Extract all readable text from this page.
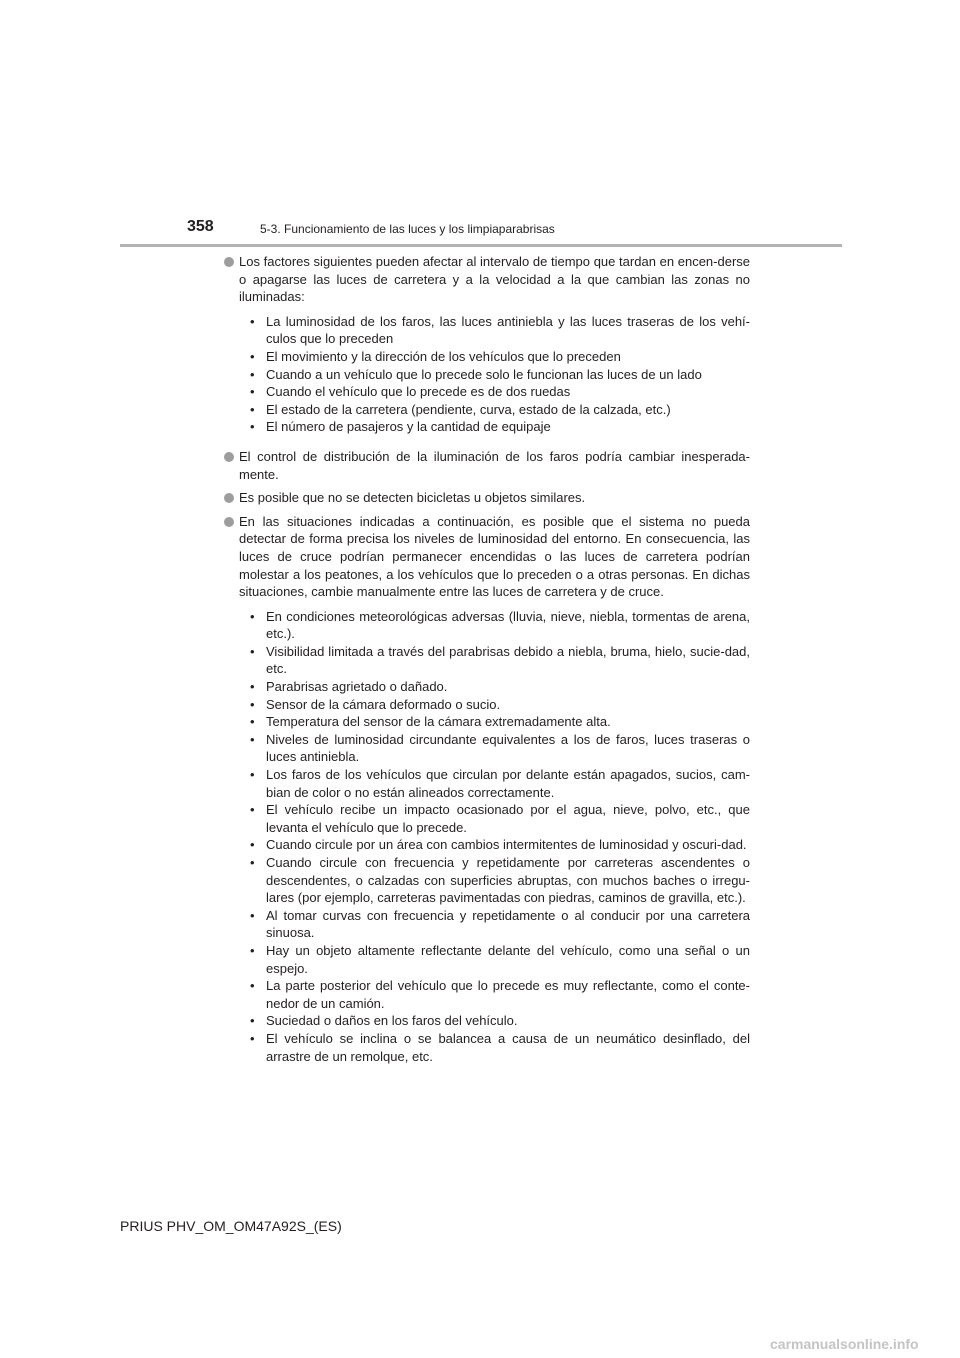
358	5-3. Funcionamiento de las luces y los limpiaparabrisas
Los factores siguientes pueden afectar al intervalo de tiempo que tardan en encen-derse o apagarse las luces de carretera y a la velocidad a la que cambian las zonas no iluminadas:
• La luminosidad de los faros, las luces antiniebla y las luces traseras de los vehí-culos que lo preceden
• El movimiento y la dirección de los vehículos que lo preceden
• Cuando a un vehículo que lo precede solo le funcionan las luces de un lado
• Cuando el vehículo que lo precede es de dos ruedas
• El estado de la carretera (pendiente, curva, estado de la calzada, etc.)
• El número de pasajeros y la cantidad de equipaje
El control de distribución de la iluminación de los faros podría cambiar inesperada-mente.
Es posible que no se detecten bicicletas u objetos similares.
En las situaciones indicadas a continuación, es posible que el sistema no pueda detectar de forma precisa los niveles de luminosidad del entorno. En consecuencia, las luces de cruce podrían permanecer encendidas o las luces de carretera podrían molestar a los peatones, a los vehículos que lo preceden o a otras personas. En dichas situaciones, cambie manualmente entre las luces de carretera y de cruce.
• En condiciones meteorológicas adversas (lluvia, nieve, niebla, tormentas de arena, etc.).
• Visibilidad limitada a través del parabrisas debido a niebla, bruma, hielo, sucie-dad, etc.
• Parabrisas agrietado o dañado.
• Sensor de la cámara deformado o sucio.
• Temperatura del sensor de la cámara extremadamente alta.
• Niveles de luminosidad circundante equivalentes a los de faros, luces traseras o luces antiniebla.
• Los faros de los vehículos que circulan por delante están apagados, sucios, cam-bian de color o no están alineados correctamente.
• El vehículo recibe un impacto ocasionado por el agua, nieve, polvo, etc., que levanta el vehículo que lo precede.
• Cuando circule por un área con cambios intermitentes de luminosidad y oscuri-dad.
• Cuando circule con frecuencia y repetidamente por carreteras ascendentes o descendentes, o calzadas con superficies abruptas, con muchos baches o irregu-lares (por ejemplo, carreteras pavimentadas con piedras, caminos de gravilla, etc.).
• Al tomar curvas con frecuencia y repetidamente o al conducir por una carretera sinuosa.
• Hay un objeto altamente reflectante delante del vehículo, como una señal o un espejo.
• La parte posterior del vehículo que lo precede es muy reflectante, como el conte-nedor de un camión.
• Suciedad o daños en los faros del vehículo.
• El vehículo se inclina o se balancea a causa de un neumático desinflado, del arrastre de un remolque, etc.
PRIUS PHV_OM_OM47A92S_(ES)
carmanualsonline.info
